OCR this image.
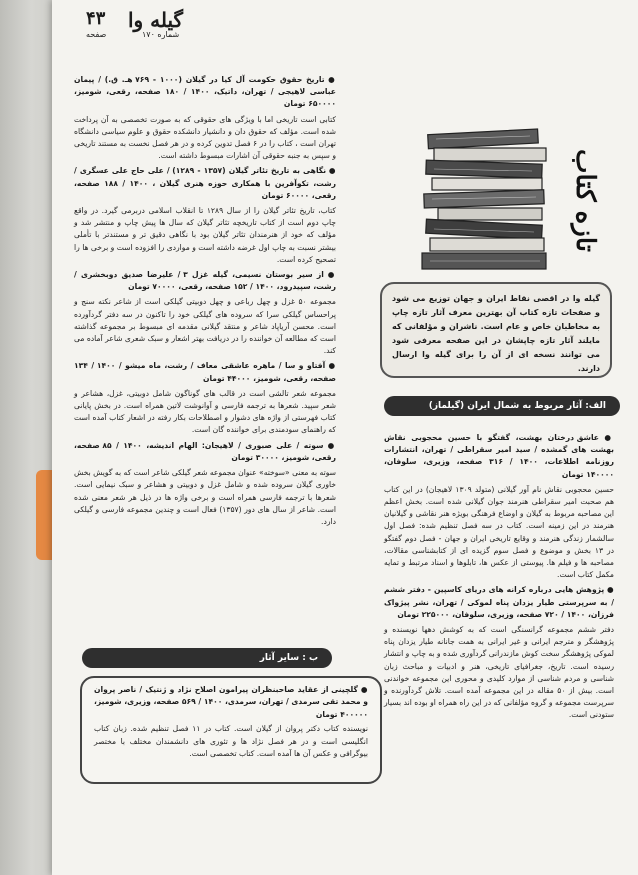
۴۳ گیله وا
شماره ۱۷۰
صفحه

● تاریخ حقوق حکومت آل کیا در گیلان (۱۰۰۰ - ۷۶۹ هـ. ق.) / پیمان عباسی لاهیجی / تهران، داتیک، ۱۴۰۰ / ۱۸۰ صفحه، رقعی، شومیز، ۶۵۰۰۰۰ تومان

کتابی است تاریخی اما با ویژگی های حقوقی که به صورت تخصصی به آن پرداخت شده است. مؤلف که حقوق دان و دانشیار دانشکده حقوق و علوم سیاسی دانشگاه تهران است ، کتاب را در ۶ فصل تدوین کرده و در هر فصل نخست به مستند تاریخی و سپس به جنبه حقوقی آن اشارات مبسوط داشته است.

● نگاهی به تاریخ تئاتر گیلان (۱۳۵۷ - ۱۲۸۹) / علی حاج علی عسگری / رشت، تکوآفرین با همکاری حوزه هنری گیلان ، ۱۴۰۰ / ۱۸۸ صفحه، رقعی، ۶۰۰۰۰ تومان

کتاب، تاریخ تئاتر گیلان را از سال ۱۲۸۹ تا انقلاب اسلامی دربرمی گیرد. در واقع چاپ دوم است از کتاب تاریخچه تئاتر گیلان که سال ها پیش چاپ و منتشر شد و مؤلف که خود از هنرمندان تئاتر گیلان بود با نگاهی دقیق تر و مستندتر با تأملی بیشتر نسبت به چاپ اول غرضه داشته است و مواردی را افزوده است و برخی ها را تصحیح کرده است.

● از سیر بوستان نسیمی، گیله غزل ۳ / علیرضا صدیق دوبخشری / رشت، سپیدرود، ۱۴۰۰ / ۱۵۲ صفحه، رقعی، ۷۰۰۰۰ تومان

مجموعه ۵۰ غزل و چهل رباعی و چهل دوبیتی گیلکی است از شاعر نکته سنج و پراحساس گیلکی سرا که سروده های گیلکی خود را تاکنون در سه دفتر گردآورده است. محسن آریاپاد شاعر و منتقد گیلانی مقدمه ای مبسوط بر مجموعه گذاشته است که مطالعه آن خواننده را در دریافت بهتر اشعار و سبک شعری شاعر آماده می کند.

● آفتاو و سا / ماهره عاشقی معاف / رشت، ماه میشو / ۱۴۰۰ / ۱۳۴ صفحه، رقعی، شومیز، ۴۴۰۰۰ تومان

مجموعه شعر تالشی است در قالب های گوناگون شامل دوبیتی، غزل، هشاعر و شعر سپید. شعرها به ترجمه فارسی و آوانوشت لاتین همراه است. در بخش پایانی کتاب فهرستی از واژه های دشوار و اصطلاحات بکار رفته در اشعار کتاب آمده است که راهنمای سودمندی برای خواننده گان است.

● سوته / علی صبوری / لاهیجان: الهام اندیشه، ۱۴۰۰ / ۸۵ صفحه، رقعی، شومیز، ۳۰۰۰۰ تومان

سوته به معنی «سوخته» عنوان مجموعه شعر گیلکی شاعر است که به گویش بخش خاوری گیلان سروده شده و شامل غزل و دوبیتی و هشاعر و سبک نیمایی است. شعرها با ترجمه فارسی همراه است و برخی واژه ها در ذیل هر شعر معنی شده است. شاعر از سال های دور (۱۳۵۷) فعال است و چندین مجموعه فارسی و گیلکی دارد.

ب : سایر آثار

● گلچینی از عقاید صاحبنظران پیرامون اصلاح نژاد و ژنتیک / ناصر پروان و محمد تقی سرمدی / تهران، سرمدی، ۱۴۰۰ / ۵۶۹ صفحه، وزیری، شومیز، ۴۰۰۰۰۰ تومان

نویسنده کتاب دکتر پروان از گیلان است. کتاب در ۱۱ فصل تنظیم شده. زبان کتاب انگلیسی است و در هر فصل نژاد ها و تئوری های دانشمندان مختلف با مختصر بیوگرافی و عکس آن ها آمده است. کتاب تخصصی است.

تازه کتاب
گیله وا در اقصی نقاط ایران و جهان توزیع می شود و صفحات تازه کتاب آن بهترین معرف آثار تازه چاپ به مخاطبان خاص و عام است. ناشران و مؤلفانی که مایلند آثار تازه چاپشان در این صفحه معرفی شود می توانند نسخه ای از آن را برای گیله وا ارسال دارند.
الف: آثار مربوط به شمال ایران (گیلماز)

● عاشق درختان بهشت، گفتگو با حسین محجوبی نقاش بهشت های گمشده / سید امیر سقراطی / تهران، انتشارات روزنامه اطلاعات، ۱۴۰۰ / ۳۱۶ صفحه، وزیری، سلوفان، ۱۴۰۰۰۰ تومان

حسین محجوبی نقاش نام آور گیلانی (متولد ۱۳۰۹ لاهیجان) در این کتاب هم صحبت امیر سقراطی هنرمند جوان گیلانی شده است. بخش اعظم این مصاحبه مربوط به گیلان و اوضاع فرهنگی بویژه هنر نقاشی و گیلانیان هنرمند در این زمینه است. کتاب در سه فصل تنظیم شده: فصل اول سالشمار زندگی هنرمند و وقایع تاریخی ایران و جهان - فصل دوم گفتگو در ۱۳ بخش و موضوع و فصل سوم گزیده ای از کتابشناسی مقالات، مصاحبه ها و فیلم ها. پیوستی از عکس ها، تابلوها و اسناد مرتبط و تمایه مکمل کتاب است.

● پژوهش هایی درباره کرانه های دریای کاسپین - دفتر ششم / به سرپرستی طیار یزدان پناه لموکی / تهران، نشر پیژواک فرزان، ۱۴۰۰ / ۷۲۰ صفحه، وزیری، سلوفان، ۲۲۵۰۰۰ تومان

دفتر ششم مجموعه گرانسنگی است که به کوشش دهها نویسنده و پژوهشگر و مترجم ایرانی و غیر ایرانی به همت جانانه طیار یزدان پناه لموکی پژوهشگر سخت کوش مازندرانی گردآوری شده و به چاپ و انتشار رسیده است. تاریخ، جغرافیای تاریخی، هنر و ادبیات و مباحث زبان شناسی و مردم شناسی از موارد کلیدی و محوری این مجموعه خواندنی است. بیش از ۵۰ مقاله در این مجموعه آمده است. تلاش گردآورنده و سرپرست مجموعه و گروه مؤلفانی که در این راه همراه او بوده اند بسیار ستودنی است.
